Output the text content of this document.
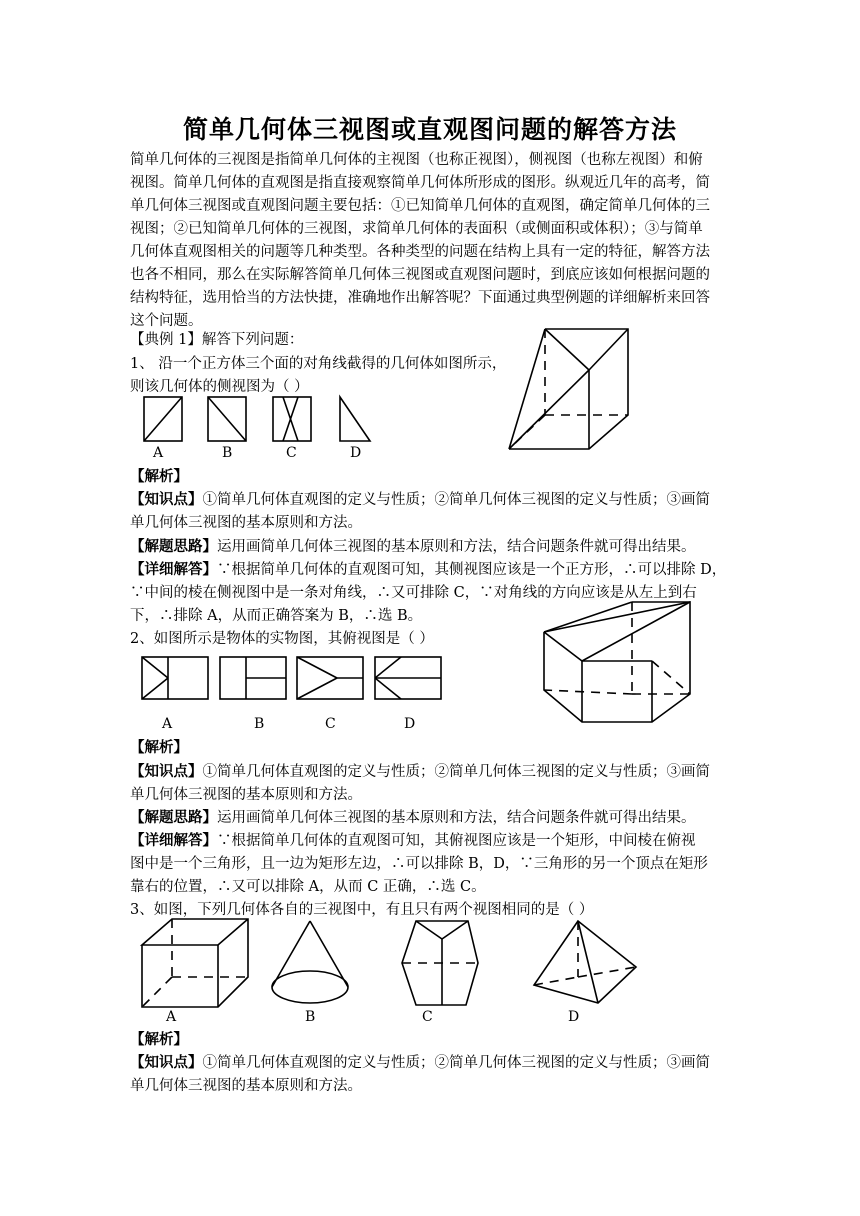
简单几何体三视图或直观图问题的解答方法
简单几何体的三视图是指简单几何体的主视图（也称正视图），侧视图（也称左视图）和俯
视图。简单几何体的直观图是指直接观察简单几何体所形成的图形。纵观近几年的高考，简
单几何体三视图或直观图问题主要包括：①已知简单几何体的直观图，确定简单几何体的三
视图；②已知简单几何体的三视图，求简单几何体的表面积（或侧面积或体积）；③与简单
几何体直观图相关的问题等几种类型。各种类型的问题在结构上具有一定的特征，解答方法
也各不相同，那么在实际解答简单几何体三视图或直观图问题时，到底应该如何根据问题的
结构特征，选用恰当的方法快捷，准确地作出解答呢？下面通过典型例题的详细解析来回答
这个问题。
【典例 1】解答下列问题：
1、 沿一个正方体三个面的对角线截得的几何体如图所示，
则该几何体的侧视图为（ ）
A	B	C	D
【解析】
【知识点】①简单几何体直观图的定义与性质；②简单几何体三视图的定义与性质；③画简
单几何体三视图的基本原则和方法。
【解题思路】运用画简单几何体三视图的基本原则和方法，结合问题条件就可得出结果。
【详细解答】∵根据简单几何体的直观图可知，其侧视图应该是一个正方形，∴可以排除 D，
∵中间的棱在侧视图中是一条对角线，∴又可排除 C，∵对角线的方向应该是从左上到右
下，∴排除 A，从而正确答案为 B，∴选 B。
2、如图所示是物体的实物图，其俯视图是（ ）
A	B	C	D
【解析】
【知识点】①简单几何体直观图的定义与性质；②简单几何体三视图的定义与性质；③画简
单几何体三视图的基本原则和方法。
【解题思路】运用画简单几何体三视图的基本原则和方法，结合问题条件就可得出结果。
【详细解答】∵根据简单几何体的直观图可知，其俯视图应该是一个矩形，中间棱在俯视
图中是一个三角形，且一边为矩形左边，∴可以排除 B，D，∵三角形的另一个顶点在矩形
靠右的位置，∴又可以排除 A，从而 C 正确，∴选 C。
3、如图，下列几何体各自的三视图中，有且只有两个视图相同的是（ ）
A	B	C	D
【解析】
【知识点】①简单几何体直观图的定义与性质；②简单几何体三视图的定义与性质；③画简
单几何体三视图的基本原则和方法。
